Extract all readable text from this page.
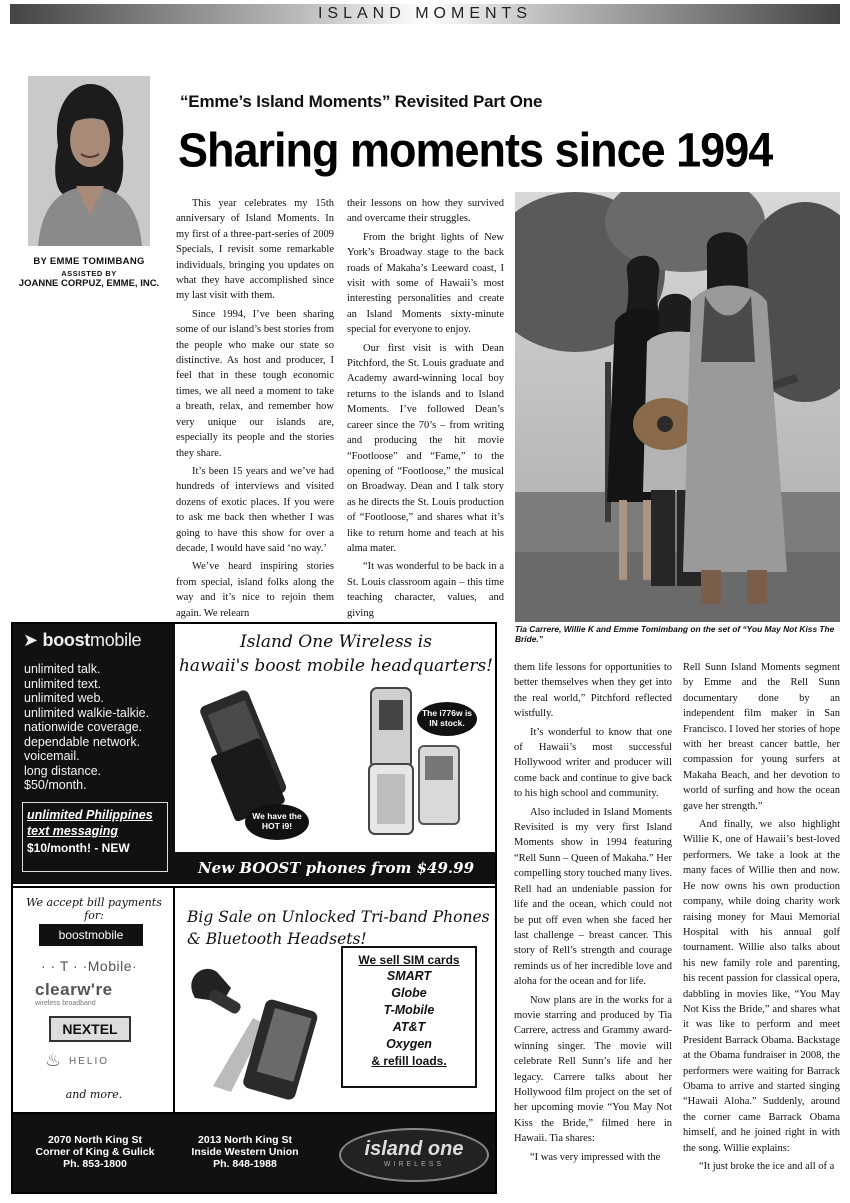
ISLAND MOMENTS
BY EMME TOMIMBANG
ASSISTED BY
JOANNE CORPUZ, EMME, INC.
“Emme’s Island Moments” Revisited Part One
Sharing moments since 1994

This year celebrates my 15th anniversary of Island Moments. In my first of a three-part-series of 2009 Specials, I revisit some remarkable individuals, bringing you updates on what they have accomplished since my last visit with them.

Since 1994, I’ve been sharing some of our island’s best stories from the people who make our state so distinctive. As host and producer, I feel that in these tough economic times, we all need a moment to take a breath, relax, and remember how very unique our islands are, especially its people and the stories they share.

It’s been 15 years and we’ve had hundreds of interviews and visited dozens of exotic places. If you were to ask me back then whether I was going to have this show for over a decade, I would have said ‘no way.’

We’ve heard inspiring stories from special, island folks along the way and it’s nice to rejoin them again. We relearn

their lessons on how they survived and overcame their struggles.

From the bright lights of New York’s Broadway stage to the back roads of Makaha’s Leeward coast, I visit with some of Hawaii’s most interesting personalities and create an Island Moments sixty-minute special for everyone to enjoy.

Our first visit is with Dean Pitchford, the St. Louis graduate and Academy award-winning local boy returns to the islands and to Island Moments. I’ve followed Dean’s career since the 70’s – from writing and producing the hit movie “Footloose” and “Fame,” to the opening of “Footloose,” the musical on Broadway. Dean and I talk story as he directs the St. Louis production of “Footloose,” and shares what it’s like to return home and teach at his alma mater.

“It was wonderful to be back in a St. Louis classroom again – this time teaching character, values, and giving

Tia Carrere, Willie K and Emme Tomimbang on the set of “You May Not Kiss The Bride.”

them life lessons for opportunities to better themselves when they get into the real world,” Pitchford reflected wistfully.

It’s wonderful to know that one of Hawaii’s most successful Hollywood writer and producer will come back and continue to give back to his high school and community.

Also included in Island Moments Revisited is my very first Island Moments show in 1994 featuring “Rell Sunn – Queen of Makaha.” Her compelling story touched many lives. Rell had an undeniable passion for life and the ocean, which could not be put off even when she faced her last challenge – breast cancer. This story of Rell’s strength and courage reminds us of her incredible love and aloha for the ocean and for life.

Now plans are in the works for a movie starring and produced by Tia Carrere, actress and Grammy award-winning singer. The movie will celebrate Rell Sunn’s life and her legacy. Carrere talks about her Hollywood film project on the set of her upcoming movie “You May Not Kiss the Bride,” filmed here in Hawaii. Tia shares:

“I was very impressed with the

Rell Sunn Island Moments segment by Emme and the Rell Sunn documentary done by an independent film maker in San Francisco. I loved her stories of hope with her breast cancer battle, her compassion for young surfers at Makaha Beach, and her devotion to world of surfing and how the ocean gave her strength.”

And finally, we also highlight Willie K, one of Hawaii’s best-loved performers. We take a look at the many faces of Willie then and now. He now owns his own production company, while doing charity work raising money for Maui Memorial Hospital with his annual golf tournament. Willie also talks about his new family role and parenting, his recent passion for classical opera, dabbling in movies like, “You May Not Kiss the Bride,” and shares what it was like to perform and meet President Barrack Obama. Backstage at the Obama fundraiser in 2008, the performers were waiting for Barrack Obama to arrive and started singing “Hawaii Aloha.” Suddenly, around the corner came Barrack Obama himself, and he joined right in with the song. Willie explains:

“It just broke the ice and all of a

➤ boostmobile
unlimited talk.
unlimited text.
unlimited web.
unlimited walkie-talkie.
nationwide coverage.
dependable network.
voicemail.
long distance.
$50/month.
unlimited Philippines
text messaging
$10/month! - NEW
Island One Wireless is
hawaii's boost mobile headquarters!
We have the
HOT i9!
The i776w is
IN stock.
New BOOST phones from $49.99
We accept bill payments for:
boostmobile
· · T · ·Mobile·
clearw're
wireless broadband
NEXTEL
♨ HELIO
and more.
Big Sale on Unlocked Tri-band Phones
& Bluetooth Headsets!
We sell SIM cards
SMART
Globe
T-Mobile
AT&T
Oxygen
& refill loads.
2070 North King St
Corner of King & Gulick
Ph. 853-1800
2013 North King St
Inside Western Union
Ph. 848-1988
island one
WIRELESS
